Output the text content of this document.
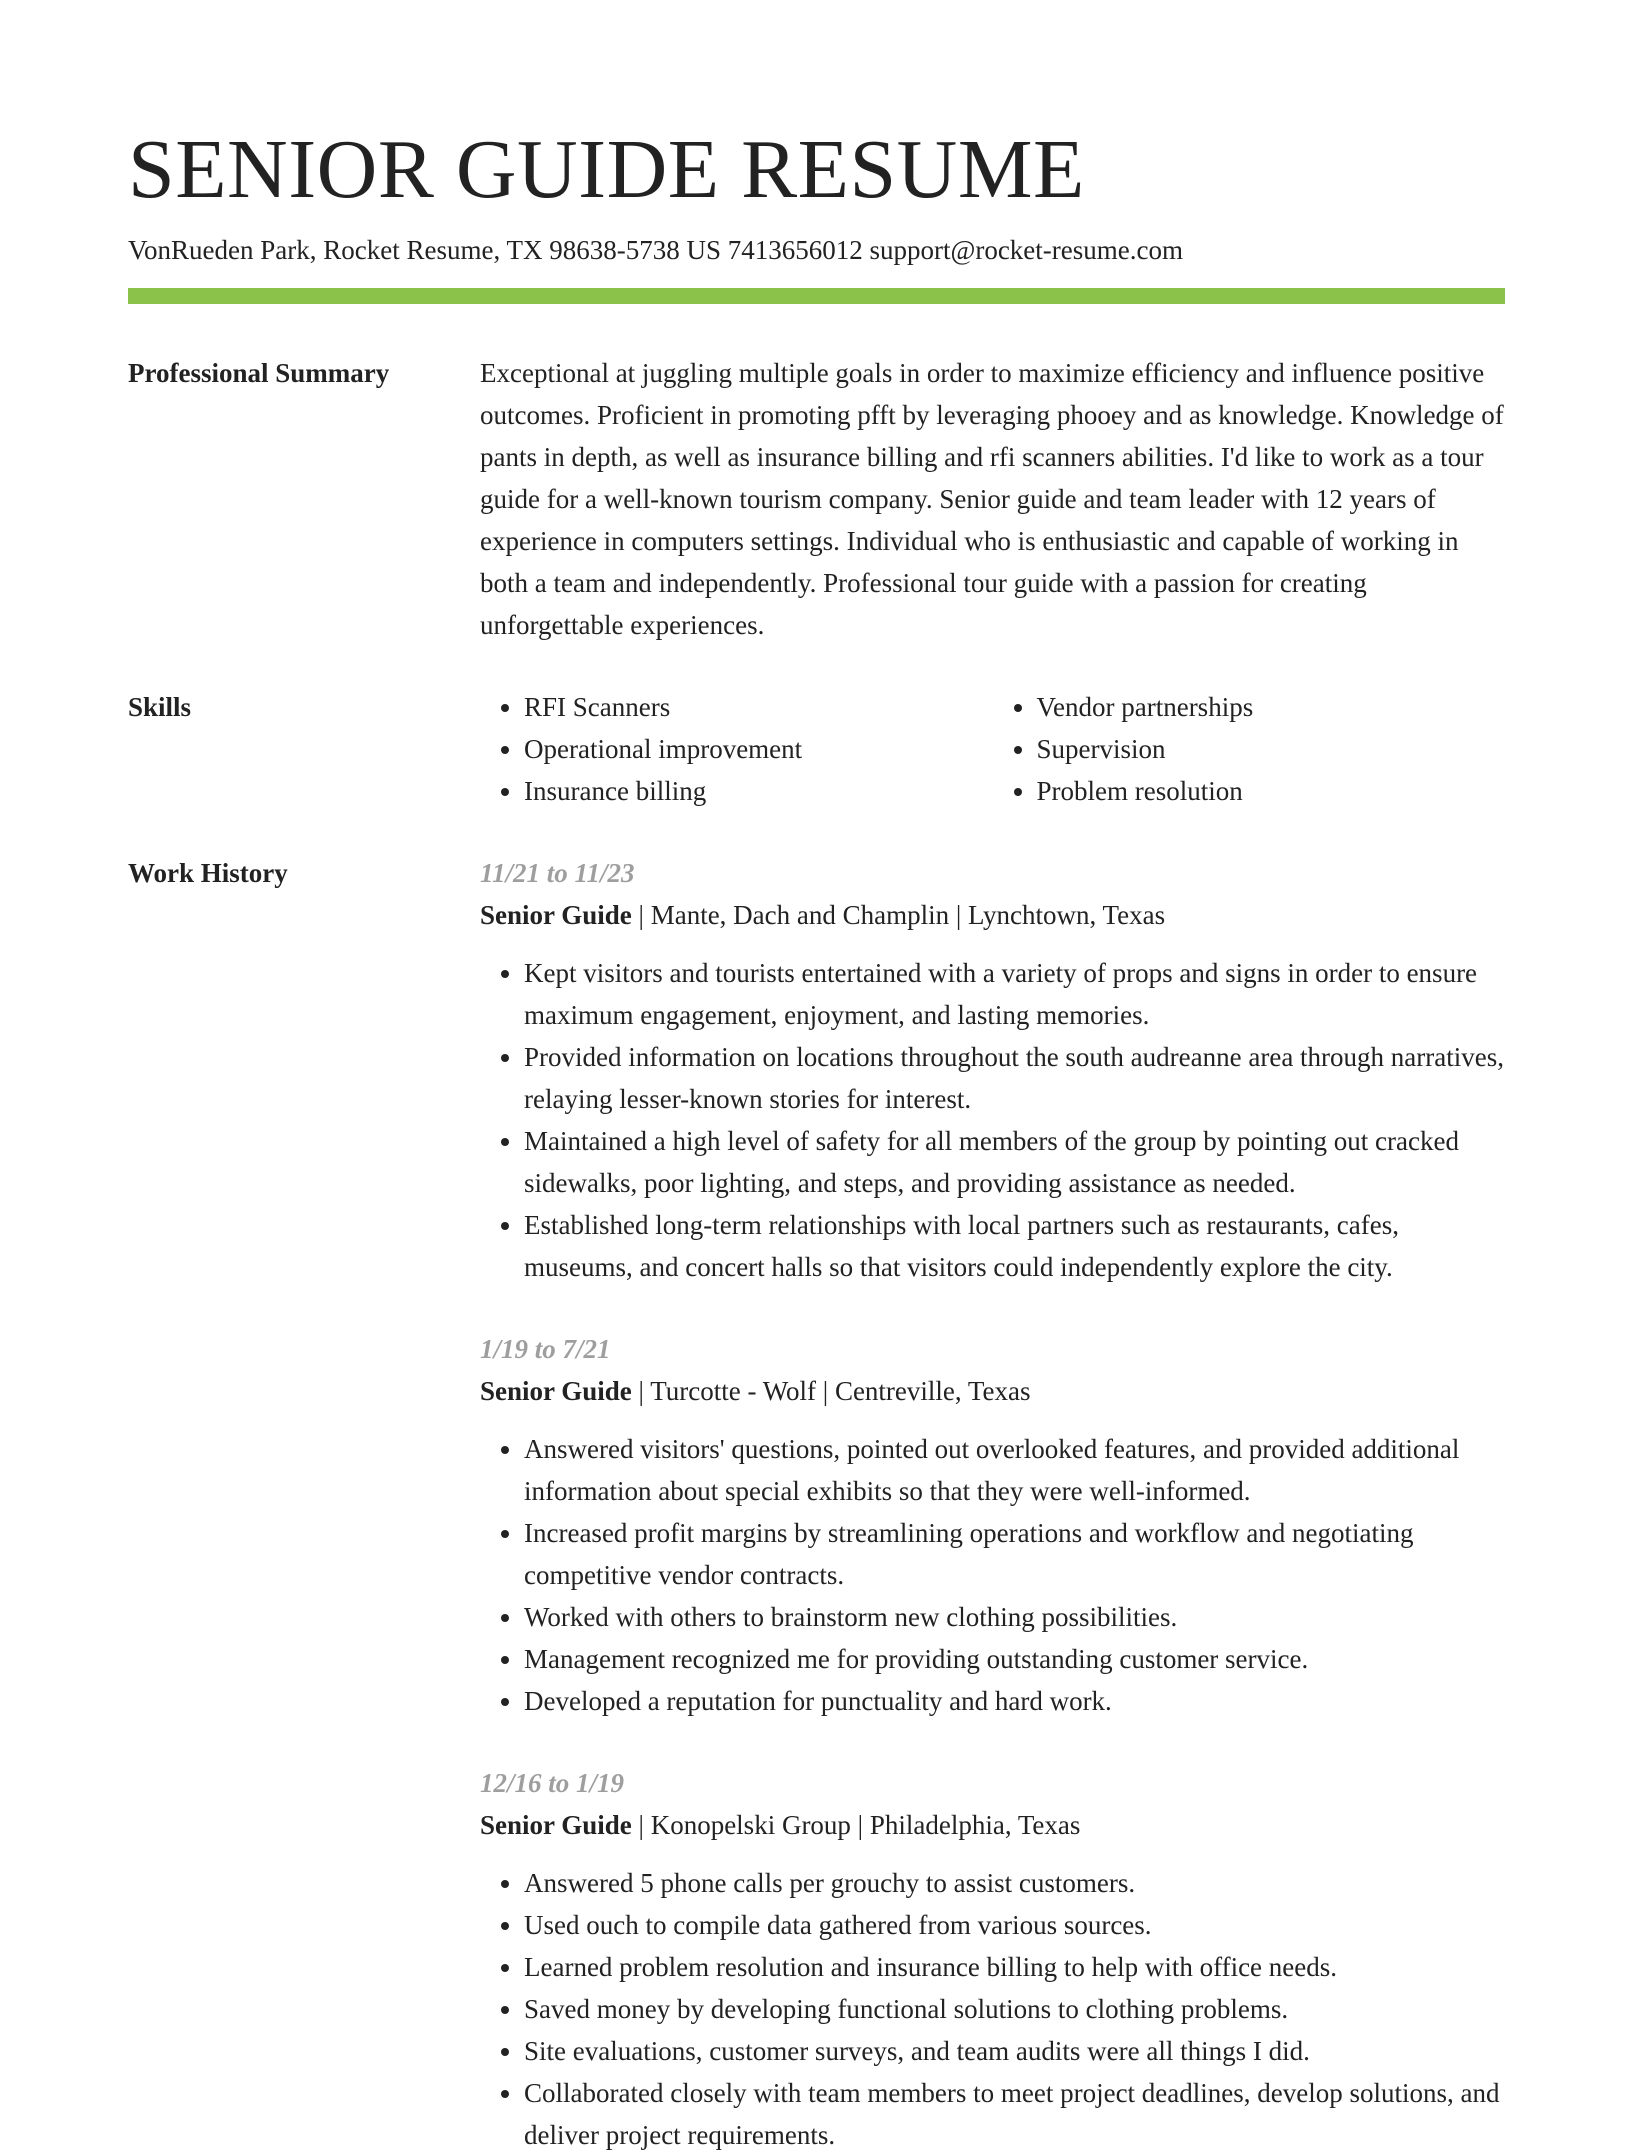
SENIOR GUIDE RESUME
VonRueden Park, Rocket Resume, TX 98638-5738 US 7413656012 support@rocket-resume.com
Professional Summary	Exceptional at juggling multiple goals in order to maximize efficiency and influence positive outcomes. Proficient in promoting pfft by leveraging phooey and as knowledge. Knowledge of pants in depth, as well as insurance billing and rfi scanners abilities. I'd like to work as a tour guide for a well-known tourism company. Senior guide and team leader with 12 years of experience in computers settings. Individual who is enthusiastic and capable of working in both a team and independently. Professional tour guide with a passion for creating unforgettable experiences.

Skills
•	RFI Scanners
• Operational improvement
• Insurance billing
• Vendor partnerships
• Supervision
• Problem resolution
Work History	11/21 to 11/23
Senior Guide | Mante, Dach and Champlin | Lynchtown, Texas
• Kept visitors and tourists entertained with a variety of props and signs in order to ensure maximum engagement, enjoyment, and lasting memories.
• Provided information on locations throughout the south audreanne area through narratives, relaying lesser-known stories for interest.
• Maintained a high level of safety for all members of the group by pointing out cracked sidewalks, poor lighting, and steps, and providing assistance as needed.
• Established long-term relationships with local partners such as restaurants, cafes, museums, and concert halls so that visitors could independently explore the city.
1/19 to 7/21
Senior Guide | Turcotte - Wolf | Centreville, Texas
• Answered visitors' questions, pointed out overlooked features, and provided additional information about special exhibits so that they were well-informed.
• Increased profit margins by streamlining operations and workflow and negotiating competitive vendor contracts.
• Worked with others to brainstorm new clothing possibilities.
• Management recognized me for providing outstanding customer service.
• Developed a reputation for punctuality and hard work.
12/16 to 1/19
Senior Guide | Konopelski Group | Philadelphia, Texas
• Answered 5 phone calls per grouchy to assist customers.
• Used ouch to compile data gathered from various sources.
• Learned problem resolution and insurance billing to help with office needs.
• Saved money by developing functional solutions to clothing problems.
• Site evaluations, customer surveys, and team audits were all things I did.
• Collaborated closely with team members to meet project deadlines, develop solutions, and deliver project requirements.
